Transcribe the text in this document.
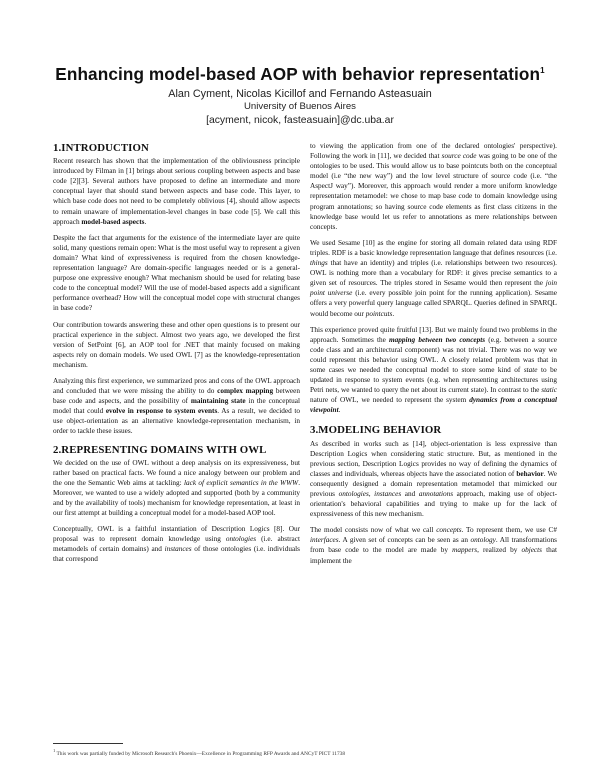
Enhancing model-based AOP with behavior representation$^1$

Alan Cyment, Nicolas Kicillof and Fernando Asteasuain

University of Buenos Aires

[acyment, nicok, fasteasuain]@dc.uba.ar

1.INTRODUCTION

Recent research has shown that the implementation of the obliviousness principle introduced by Filman in [1] brings about serious coupling between aspects and base code [2][3]. Several authors have proposed to define an intermediate and more conceptual layer that should stand between aspects and base code. This layer, to which base code does not need to be completely oblivious [4], should allow aspects to remain unaware of implementation-level changes in base code [5]. We call this approach model-based aspects.

Despite the fact that arguments for the existence of the intermediate layer are quite solid, many questions remain open: What is the most useful way to represent a given domain? What kind of expressiveness is required from the chosen knowledge-representation language? Are domain-specific languages needed or is a general-purpose one expressive enough? What mechanism should be used for relating base code to the conceptual model? Will the use of model-based aspects add a significant performance overhead? How will the conceptual model cope with structural changes in base code?

Our contribution towards answering these and other open questions is to present our practical experience in the subject. Almost two years ago, we developed the first version of SetPoint [6], an AOP tool for .NET that mainly focused on making aspects rely on domain models. We used OWL [7] as the knowledge-representation mechanism.

Analyzing this first experience, we summarized pros and cons of the OWL approach and concluded that we were missing the ability to do complex mapping between base code and aspects, and the possibility of maintaining state in the conceptual model that could evolve in response to system events. As a result, we decided to use object-orientation as an alternative knowledge-representation mechanism, in order to tackle these issues.

2.REPRESENTING DOMAINS WITH OWL

We decided on the use of OWL without a deep analysis on its expressiveness, but rather based on practical facts. We found a nice analogy between our problem and the one the Semantic Web aims at tackling: lack of explicit semantics in the WWW. Moreover, we wanted to use a widely adopted and supported (both by a community and by the availability of tools) mechanism for knowledge representation, at least in our first attempt at building a conceptual model for a model-based AOP tool.

Conceptually, OWL is a faithful instantiation of Description Logics [8]. Our proposal was to represent domain knowledge using ontologies (i.e. abstract metamodels of certain domains) and instances of those ontologies (i.e. individuals that correspond

to viewing the application from one of the declared ontologies' perspective). Following the work in [11], we decided that source code was going to be one of the ontologies to be used. This would allow us to base pointcuts both on the conceptual model (i.e “the new way”) and the low level structure of source code (i.e. “the AspectJ way”). Moreover, this approach would render a more uniform knowledge representation metamodel: we chose to map base code to domain knowledge using program annotations; so having source code elements as first class citizens in the knowledge base would let us refer to annotations as mere relationships between concepts.

We used Sesame [10] as the engine for storing all domain related data using RDF triples. RDF is a basic knowledge representation language that defines resources (i.e. things that have an identity) and triples (i.e. relationships between two resources). OWL is nothing more than a vocabulary for RDF: it gives precise semantics to a given set of resources. The triples stored in Sesame would then represent the join point universe (i.e. every possible join point for the running application). Sesame offers a very powerful query language called SPARQL. Queries defined in SPARQL would become our pointcuts.

This experience proved quite fruitful [13]. But we mainly found two problems in the approach. Sometimes the mapping between two concepts (e.g. between a source code class and an architectural component) was not trivial. There was no way we could represent this behavior using OWL. A closely related problem was that in some cases we needed the conceptual model to store some kind of state to be updated in response to system events (e.g. when representing architectures using Petri nets, we wanted to query the net about its current state). In contrast to the static nature of OWL, we needed to represent the system dynamics from a conceptual viewpoint.

3.MODELING BEHAVIOR

As described in works such as [14], object-orientation is less expressive than Description Logics when considering static structure. But, as mentioned in the previous section, Description Logics provides no way of defining the dynamics of classes and individuals, whereas objects have the associated notion of behavior. We consequently designed a domain representation metamodel that mimicked our previous ontologies, instances and annotations approach, making use of object-orientation's behavioral capabilities and trying to make up for the lack of expressiveness of this new mechanism.

The model consists now of what we call concepts. To represent them, we use C# interfaces. A given set of concepts can be seen as an ontology. All transformations from base code to the model are made by mappers, realized by objects that implement the

$^1$ This work was partially funded by Microsoft Research's Phoenix—Excellence in Programming RFP Awards and ANCyT PICT 11738
